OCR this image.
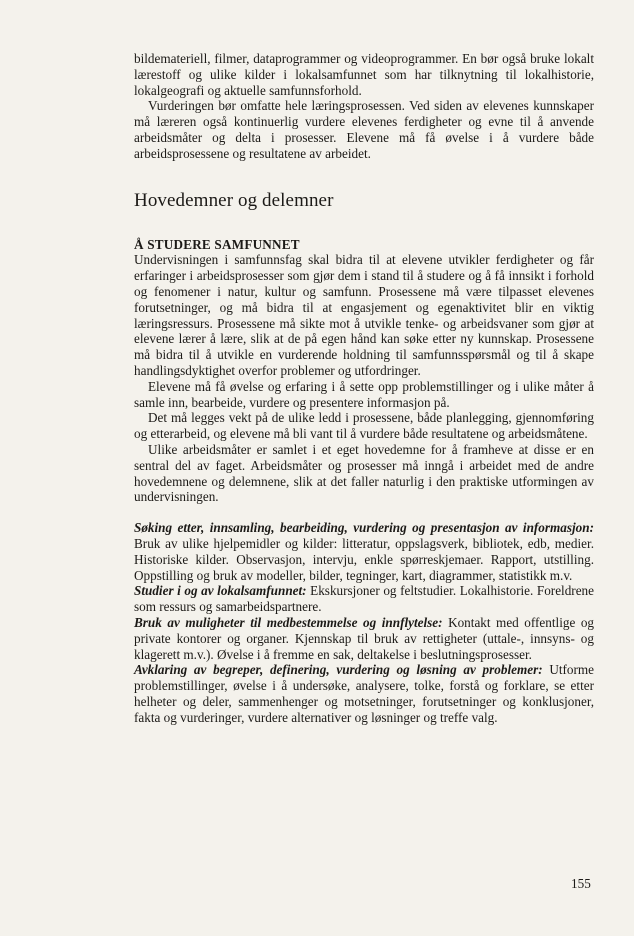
bildemateriell, filmer, dataprogrammer og videoprogrammer. En bør også bruke lokalt lærestoff og ulike kilder i lokalsamfunnet som har tilknytning til lokalhistorie, lokalgeografi og aktuelle samfunnsforhold.

Vurderingen bør omfatte hele læringsprosessen. Ved siden av elevenes kunnskaper må læreren også kontinuerlig vurdere elevenes ferdigheter og evne til å anvende arbeidsmåter og delta i prosesser. Elevene må få øvelse i å vurdere både arbeidsprosessene og resultatene av arbeidet.

Hovedemner og delemner
Å STUDERE SAMFUNNET

Undervisningen i samfunnsfag skal bidra til at elevene utvikler ferdigheter og får erfaringer i arbeidsprosesser som gjør dem i stand til å studere og å få innsikt i forhold og fenomener i natur, kultur og samfunn. Prosessene må være tilpasset elevenes forutsetninger, og må bidra til at engasjement og egenaktivitet blir en viktig læringsressurs. Prosessene må sikte mot å utvikle tenke- og arbeidsvaner som gjør at elevene lærer å lære, slik at de på egen hånd kan søke etter ny kunnskap. Prosessene må bidra til å utvikle en vurderende holdning til samfunnsspørsmål og til å skape handlingsdyktighet overfor problemer og utfordringer.

Elevene må få øvelse og erfaring i å sette opp problemstillinger og i ulike måter å samle inn, bearbeide, vurdere og presentere informasjon på.

Det må legges vekt på de ulike ledd i prosessene, både planlegging, gjennomføring og etterarbeid, og elevene må bli vant til å vurdere både resultatene og arbeidsmåtene.

Ulike arbeidsmåter er samlet i et eget hovedemne for å framheve at disse er en sentral del av faget. Arbeidsmåter og prosesser må inngå i arbeidet med de andre hovedemnene og delemnene, slik at det faller naturlig i den praktiske utformingen av undervisningen.

Søking etter, innsamling, bearbeiding, vurdering og presentasjon av informasjon: Bruk av ulike hjelpemidler og kilder: litteratur, oppslagsverk, bibliotek, edb, medier. Historiske kilder. Observasjon, intervju, enkle spørreskjemaer. Rapport, utstilling. Oppstilling og bruk av modeller, bilder, tegninger, kart, diagrammer, statistikk m.v.

Studier i og av lokalsamfunnet: Ekskursjoner og feltstudier. Lokalhistorie. Foreldrene som ressurs og samarbeidspartnere.

Bruk av muligheter til medbestemmelse og innflytelse: Kontakt med offentlige og private kontorer og organer. Kjennskap til bruk av rettigheter (uttale-, innsyns- og klagerett m.v.). Øvelse i å fremme en sak, deltakelse i beslutningsprosesser.

Avklaring av begreper, definering, vurdering og løsning av problemer: Utforme problemstillinger, øvelse i å undersøke, analysere, tolke, forstå og forklare, se etter helheter og deler, sammenhenger og motsetninger, forutsetninger og konklusjoner, fakta og vurderinger, vurdere alternativer og løsninger og treffe valg.

155
